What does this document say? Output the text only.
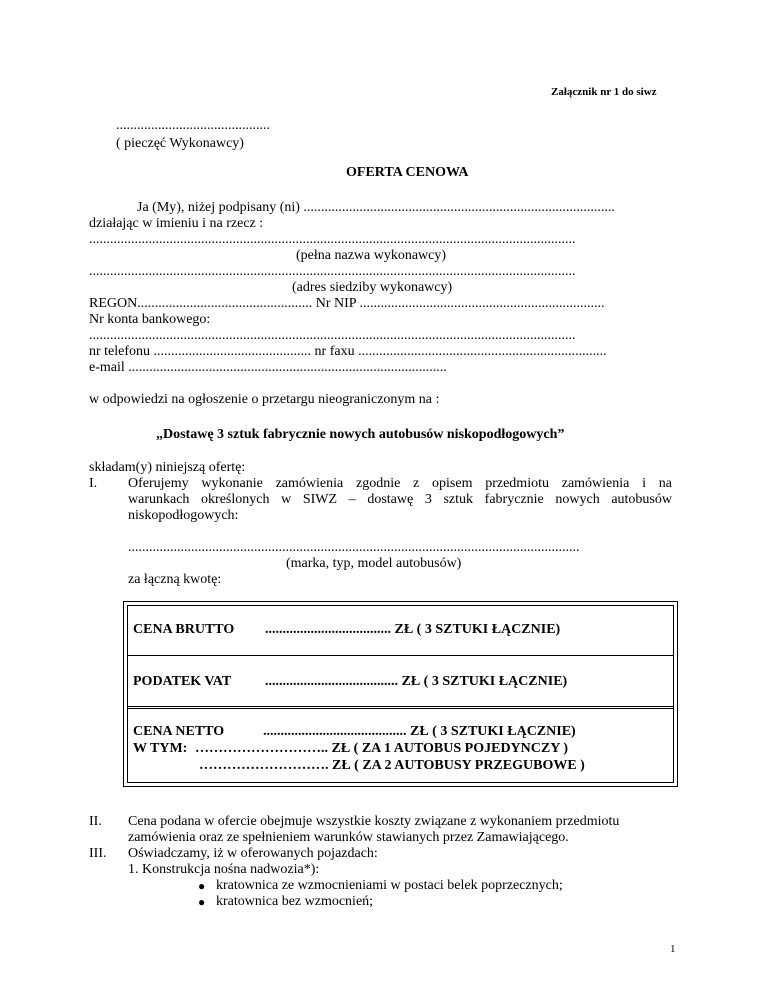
Załącznik nr 1 do siwz
............................................
( pieczęć Wykonawcy)
OFERTA CENOWA
Ja (My), niżej podpisany (ni) .........................................................................................
działając w imieniu i na rzecz :
...........................................................................................................................................
(pełna nazwa wykonawcy)
...........................................................................................................................................
(adres siedziby wykonawcy)
REGON.................................................. Nr NIP ......................................................................
Nr konta bankowego:
...........................................................................................................................................
nr telefonu ............................................. nr faxu .......................................................................
e-mail ...........................................................................................
w odpowiedzi na ogłoszenie o przetargu nieograniczonym na :
„Dostawę 3 sztuk fabrycznie nowych autobusów niskopodłogowych”
składam(y) niniejszą ofertę:
I. Oferujemy wykonanie zamówienia zgodnie z opisem przedmiotu zamówienia i na
warunkach określonych w SIWZ – dostawę 3 sztuk fabrycznie nowych autobusów
niskopodłogowych:
.................................................................................................................................
(marka, typ, model autobusów)
za łączną kwotę:
CENA BRUTTO .................................... ZŁ ( 3 SZTUKI ŁĄCZNIE)
PODATEK VAT ...................................... ZŁ ( 3 SZTUKI ŁĄCZNIE)
CENA NETTO	......................................... ZŁ ( 3 SZTUKI ŁĄCZNIE)
W TYM: ……………………….. ZŁ ( ZA 1 AUTOBUS POJEDYNCZY )
………………………. ZŁ ( ZA 2 AUTOBUSY PRZEGUBOWE )
II. Cena podana w ofercie obejmuje wszystkie koszty związane z wykonaniem przedmiotu
zamówienia oraz ze spełnieniem warunków stawianych przez Zamawiającego.
III. Oświadczamy, iż w oferowanych pojazdach:
1. Konstrukcja nośna nadwozia*):
● kratownica ze wzmocnieniami w postaci belek poprzecznych;
● kratownica bez wzmocnień;
1
